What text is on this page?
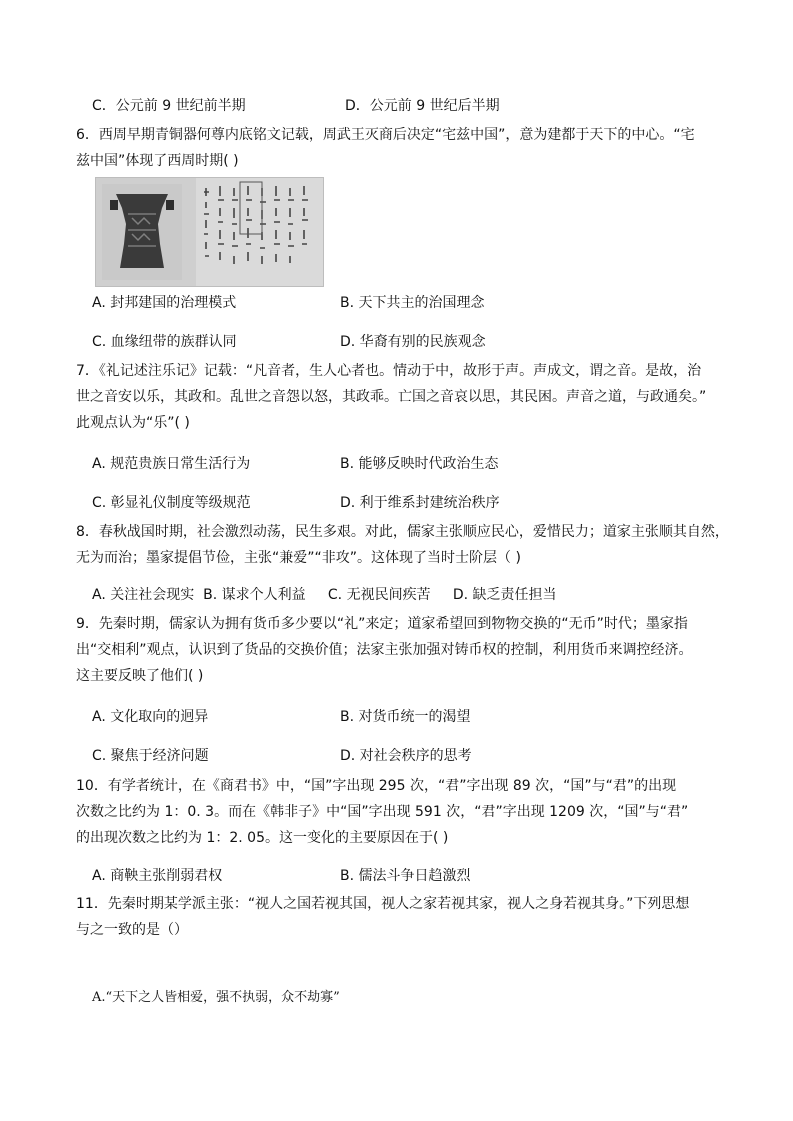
C．公元前 9 世纪前半期	D．公元前 9 世纪后半期
6．西周早期青铜器何尊内底铭文记载，周武王灭商后决定“宅兹中国”，意为建都于天下的中心。“宅
兹中国”体现了西周时期( )
A. 封邦建国的治理模式	B. 天下共主的治国理念
C. 血缘纽带的族群认同	D. 华裔有别的民族观念
7．《礼记述注乐记》记载：“凡音者，生人心者也。情动于中，故形于声。声成文，谓之音。是故，治
世之音安以乐，其政和。乱世之音怨以怒，其政乖。亡国之音哀以思，其民困。声音之道，与政通矣。”
此观点认为“乐”( )
A. 规范贵族日常生活行为	B. 能够反映时代政治生态
C. 彰显礼仪制度等级规范	D. 利于维系封建统治秩序
8．春秋战国时期，社会激烈动荡，民生多艰。对此，儒家主张顺应民心，爱惜民力；道家主张顺其自然，
无为而治；墨家提倡节俭，主张“兼爱”“非攻”。这体现了当时士阶层（ )
A. 关注社会现实  B. 谋求个人利益     C. 无视民间疾苦     D. 缺乏责任担当
9．先秦时期，儒家认为拥有货币多少要以“礼”来定；道家希望回到物物交换的“无币”时代；墨家指
出“交相利”观点，认识到了货品的交换价值；法家主张加强对铸币权的控制，利用货币来调控经济。
这主要反映了他们( )
A. 文化取向的迥异	B. 对货币统一的渴望
C. 聚焦于经济问题	D. 对社会秩序的思考
10．有学者统计，在《商君书》中，“国”字出现 295 次，“君”字出现 89 次，“国”与“君”的出现
次数之比约为 1：0. 3。而在《韩非子》中“国”字出现 591 次，“君”字出现 1209 次，“国”与“君”
的出现次数之比约为 1：2. 05。这一变化的主要原因在于( )
A. 商鞅主张削弱君权	B. 儒法斗争日趋激烈
11．先秦时期某学派主张：“视人之国若视其国，视人之家若视其家，视人之身若视其身。”下列思想
与之一致的是（）
A.“天下之人皆相爱，强不执弱，众不劫寡”
